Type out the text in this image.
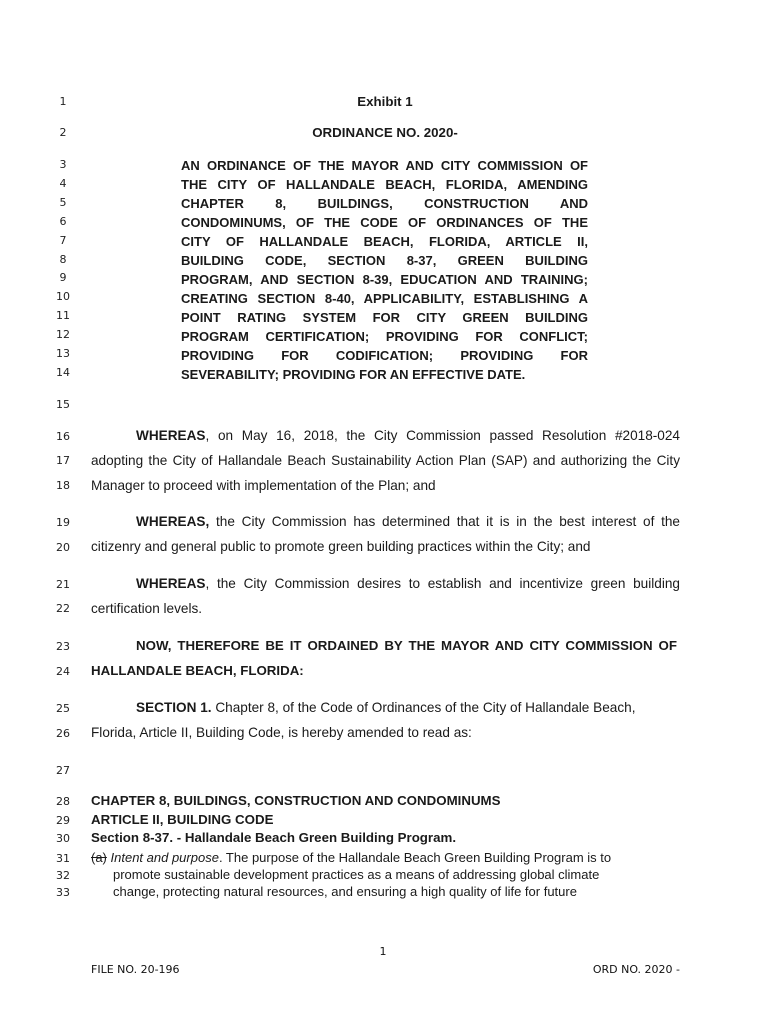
1
2
3
4
5
6
7
8
9
10
11
12
13
14
15
16
17
18
19
20
21
22
23
24
25
26
27
28
29
30
31
32
33
Exhibit 1
ORDINANCE NO. 2020-
AN ORDINANCE OF THE MAYOR AND CITY COMMISSION OF
THE CITY OF HALLANDALE BEACH, FLORIDA, AMENDING
CHAPTER 8, BUILDINGS, CONSTRUCTION AND
CONDOMINUMS, OF THE CODE OF ORDINANCES OF THE
CITY OF HALLANDALE BEACH, FLORIDA, ARTICLE II,
BUILDING CODE, SECTION 8-37, GREEN BUILDING
PROGRAM, AND SECTION 8-39, EDUCATION AND TRAINING;
CREATING SECTION 8-40, APPLICABILITY, ESTABLISHING A
POINT RATING SYSTEM FOR CITY GREEN BUILDING
PROGRAM CERTIFICATION; PROVIDING FOR CONFLICT;
PROVIDING FOR CODIFICATION; PROVIDING FOR
SEVERABILITY; PROVIDING FOR AN EFFECTIVE DATE.
WHEREAS, on May 16, 2018, the City Commission passed Resolution #2018-024
adopting the City of Hallandale Beach Sustainability Action Plan (SAP) and authorizing the City
Manager to proceed with implementation of the Plan; and
WHEREAS, the City Commission has determined that it is in the best interest of the
citizenry and general public to promote green building practices within the City; and
WHEREAS, the City Commission desires to establish and incentivize green building
certification levels.
NOW, THEREFORE BE IT ORDAINED BY THE MAYOR AND CITY COMMISSION OF
HALLANDALE BEACH, FLORIDA:
SECTION 1. Chapter 8, of the Code of Ordinances of the City of Hallandale Beach,
Florida, Article II, Building Code, is hereby amended to read as:
CHAPTER 8, BUILDINGS, CONSTRUCTION AND CONDOMINUMS
ARTICLE II, BUILDING CODE
Section 8-37. - Hallandale Beach Green Building Program.
(a) Intent and purpose. The purpose of the Hallandale Beach Green Building Program is to
promote sustainable development practices as a means of addressing global climate
change, protecting natural resources, and ensuring a high quality of life for future
1
FILE NO. 20-196	ORD NO. 2020 -
